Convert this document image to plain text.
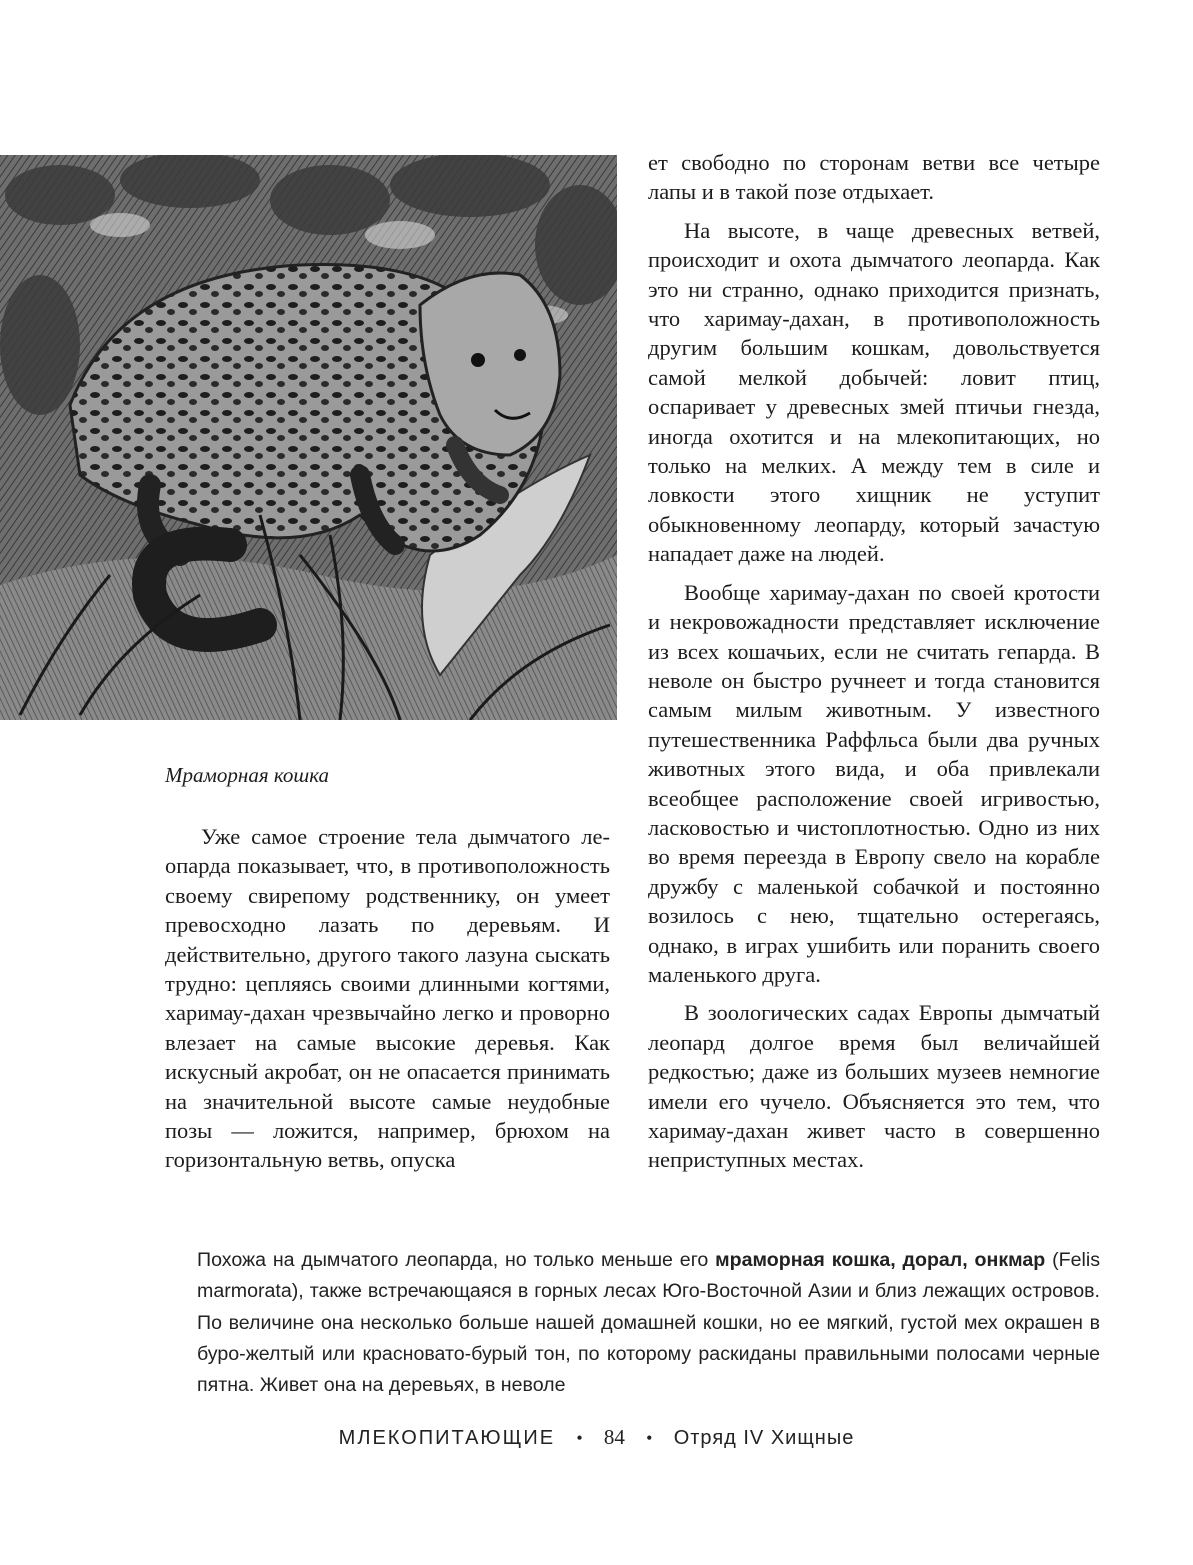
Мраморная кошка

Уже самое строение тела дымчатого леопарда показывает, что, в противоположность своему свирепому родственнику, он умеет превосходно лазать по деревьям. И действительно, другого такого лазуна сыскать трудно: цепляясь своими длинными когтями, харимау-дахан чрезвычайно легко и проворно влезает на самые высокие деревья. Как искусный акробат, он не опасается принимать на значительной высоте самые неудобные позы — ложится, например, брюхом на горизонтальную ветвь, опуска

ет свободно по сторонам ветви все четыре лапы и в такой позе отдыхает.

На высоте, в чаще древесных ветвей, происходит и охота дымчатого леопарда. Как это ни странно, однако приходится признать, что харимау-дахан, в противоположность другим большим кошкам, довольствуется самой мелкой добычей: ловит птиц, оспаривает у древесных змей птичьи гнезда, иногда охотится и на млекопитающих, но только на мелких. А между тем в силе и ловкости этого хищник не уступит обыкновенному леопарду, который зачастую нападает даже на людей.

Вообще харимау-дахан по своей кротости и некровожадности представляет исключение из всех кошачьих, если не считать гепарда. В неволе он быстро ручнеет и тогда становится самым милым животным. У известного путешественника Раффльса были два ручных животных этого вида, и оба привлекали всеобщее расположение своей игривостью, ласковостью и чистоплотностью. Одно из них во время переезда в Европу свело на корабле дружбу с маленькой собачкой и постоянно возилось с нею, тщательно остерегаясь, однако, в играх ушибить или поранить своего маленького друга.

В зоологических садах Европы дымчатый леопард долгое время был величайшей редкостью; даже из больших музеев немногие имели его чучело. Объясняется это тем, что харимау-дахан живет часто в совершенно неприступных местах.

Похожа на дымчатого леопарда, но только меньше его мраморная кошка, дорал, онкмар (Felis marmorata), также встречающаяся в горных лесах Юго-Восточной Азии и близ лежащих островов. По величине она несколько больше нашей домашней кошки, но ее мягкий, густой мех окрашен в буро-желтый или красновато-бурый тон, по которому раскиданы правильными полосами черные пятна. Живет она на деревьях, в неволе
МЛЕКОПИТАЮЩИЕ • 84 • Отряд IV Хищные
